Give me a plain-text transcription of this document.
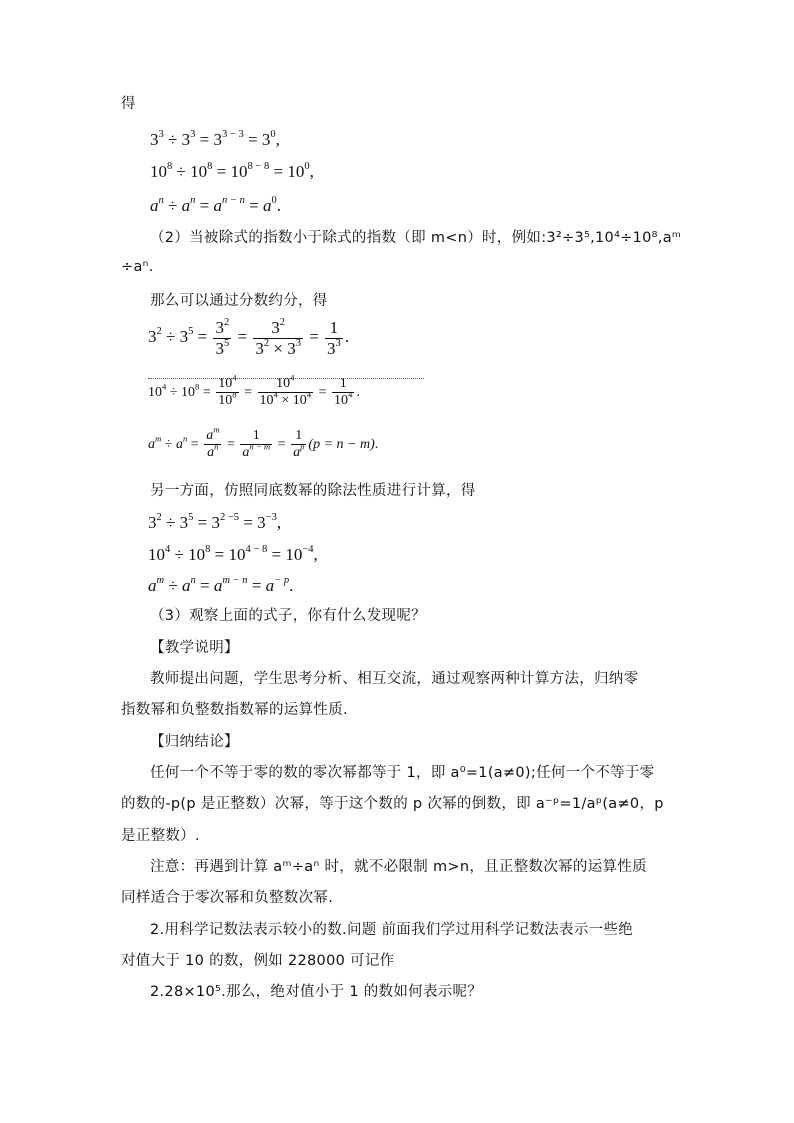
得
$3^3 \div 3^3 = 3^{3 - 3} = 3^0$,
$10^8 \div 10^8 = 10^{8 - 8} = 10^0$,
$a^n \div a^n = a^{n - n} = a^0$.
（2）当被除式的指数小于除式的指数（即 m<n）时，例如:3²÷3⁵,10⁴÷10⁸,aᵐ
÷aⁿ.
那么可以通过分数约分，得
$3^2 \div 3^5 = \frac{3^2}{3^5} = \frac{3^2}{3^2 \times 3^3} = \frac{1}{3^3}$ .
$10^4 \div 10^8 = \frac{10^4}{10^8} = \frac{10^4}{10^4 \times 10^4} = \frac{1}{10^4}$ .
$a^m \div a^n = \frac{a^m}{a^n} = \frac{1}{a^{n - m}} = \frac{1}{a^p} (p = n - m)$.
另一方面，仿照同底数幂的除法性质进行计算，得
$3^2 \div 3^5 = 3^{2 -5} = 3^{-3}$,
$10^4 \div 10^8 = 10^{4 - 8} = 10^{-4}$,
$a^m \div a^n = a^{m - n} = a^{- p}$.
（3）观察上面的式子，你有什么发现呢？
【教学说明】
教师提出问题，学生思考分析、相互交流，通过观察两种计算方法，归纳零
指数幂和负整数指数幂的运算性质.
【归纳结论】
任何一个不等于零的数的零次幂都等于 1，即 a⁰=1(a≠0);任何一个不等于零
的数的-p(p 是正整数）次幂，等于这个数的 p 次幂的倒数，即 a⁻ᵖ=1/aᵖ(a≠0，p
是正整数）.
注意：再遇到计算 aᵐ÷aⁿ 时，就不必限制 m>n，且正整数次幂的运算性质
同样适合于零次幂和负整数次幂.
2.用科学记数法表示较小的数.问题 前面我们学过用科学记数法表示一些绝
对值大于 10 的数，例如 228000 可记作
2.28×10⁵.那么，绝对值小于 1 的数如何表示呢？
